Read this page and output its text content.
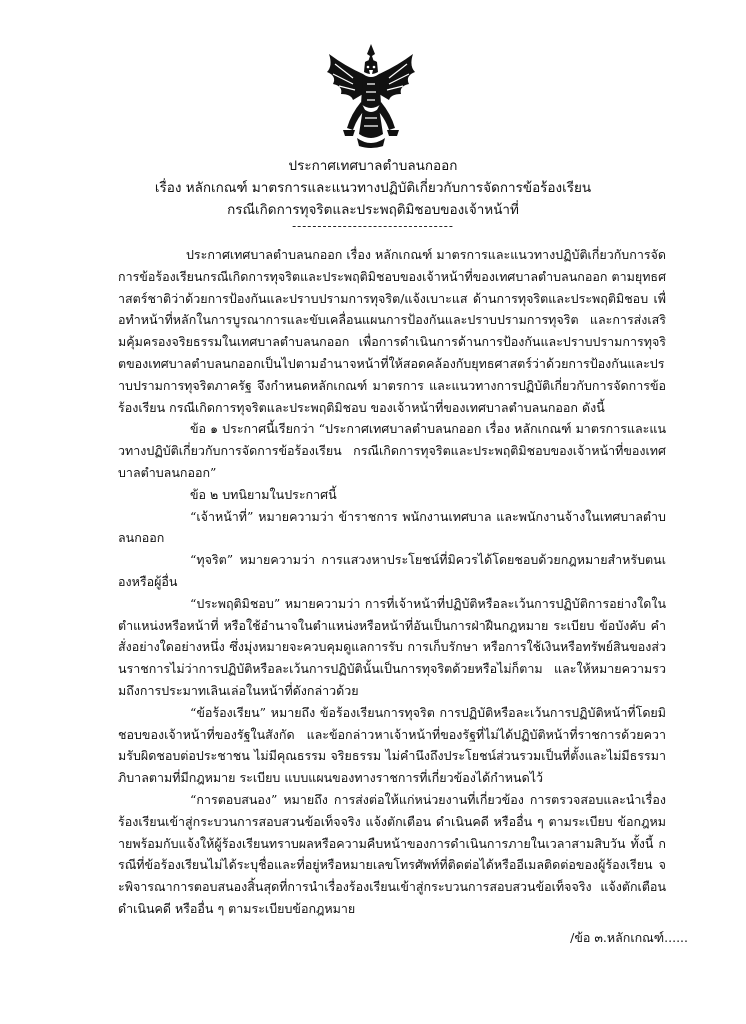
ประกาศเทศบาลตำบลนกออก
เรื่อง หลักเกณฑ์ มาตรการและแนวทางปฏิบัติเกี่ยวกับการจัดการข้อร้องเรียน
กรณีเกิดการทุจริตและประพฤติมิชอบของเจ้าหน้าที่
--------------------------------

ประกาศเทศบาลตำบลนกออก เรื่อง หลักเกณฑ์ มาตรการและแนวทางปฏิบัติเกี่ยวกับการจัดการข้อร้องเรียนกรณีเกิดการทุจริตและประพฤติมิชอบของเจ้าหน้าที่ของเทศบาลตำบลนกออก ตามยุทธศาสตร์ชาติว่าด้วยการป้องกันและปราบปรามการทุจริต/แจ้งเบาะแส ด้านการทุจริตและประพฤติมิชอบ เพื่อทำหน้าที่หลักในการบูรณาการและขับเคลื่อนแผนการป้องกันและปราบปรามการทุจริต และการส่งเสริมคุ้มครองจริยธรรมในเทศบาลตำบลนกออก เพื่อการดำเนินการด้านการป้องกันและปราบปรามการทุจริตของเทศบาลตำบลนกออกเป็นไปตามอำนาจหน้าที่ให้สอดคล้องกับยุทธศาสตร์ว่าด้วยการป้องกันและปราบปรามการทุจริตภาครัฐ จึงกำหนดหลักเกณฑ์ มาตรการ และแนวทางการปฏิบัติเกี่ยวกับการจัดการข้อร้องเรียน กรณีเกิดการทุจริตและประพฤติมิชอบ ของเจ้าหน้าที่ของเทศบาลตำบลนกออก ดังนี้

ข้อ ๑ ประกาศนี้เรียกว่า “ประกาศเทศบาลตำบลนกออก เรื่อง หลักเกณฑ์ มาตรการและแนวทางปฏิบัติเกี่ยวกับการจัดการข้อร้องเรียน กรณีเกิดการทุจริตและประพฤติมิชอบของเจ้าหน้าที่ของเทศบาลตำบลนกออก”

ข้อ ๒ บทนิยามในประกาศนี้

“เจ้าหน้าที่” หมายความว่า ข้าราชการ พนักงานเทศบาล และพนักงานจ้างในเทศบาลตำบลนกออก

“ทุจริต” หมายความว่า การแสวงหาประโยชน์ที่มิควรได้โดยชอบด้วยกฎหมายสำหรับตนเองหรือผู้อื่น

“ประพฤติมิชอบ” หมายความว่า การที่เจ้าหน้าที่ปฏิบัติหรือละเว้นการปฏิบัติการอย่างใดในตำแหน่งหรือหน้าที่ หรือใช้อำนาจในตำแหน่งหรือหน้าที่อันเป็นการฝ่าฝืนกฎหมาย ระเบียบ ข้อบังคับ คำสั่งอย่างใดอย่างหนึ่ง ซึ่งมุ่งหมายจะควบคุมดูแลการรับ การเก็บรักษา หรือการใช้เงินหรือทรัพย์สินของส่วนราชการไม่ว่าการปฏิบัติหรือละเว้นการปฏิบัตินั้นเป็นการทุจริตด้วยหรือไม่ก็ตาม และให้หมายความรวมถึงการประมาทเลินเล่อในหน้าที่ดังกล่าวด้วย

“ข้อร้องเรียน” หมายถึง ข้อร้องเรียนการทุจริต การปฏิบัติหรือละเว้นการปฏิบัติหน้าที่โดยมิชอบของเจ้าหน้าที่ของรัฐในสังกัด และข้อกล่าวหาเจ้าหน้าที่ของรัฐที่ไม่ได้ปฏิบัติหน้าที่ราชการด้วยความรับผิดชอบต่อประชาชน ไม่มีคุณธรรม จริยธรรม ไม่คำนึงถึงประโยชน์ส่วนรวมเป็นที่ตั้งและไม่มีธรรมาภิบาลตามที่มีกฎหมาย ระเบียบ แบบแผนของทางราชการที่เกี่ยวข้องได้กำหนดไว้

“การตอบสนอง” หมายถึง การส่งต่อให้แก่หน่วยงานที่เกี่ยวข้อง การตรวจสอบและนำเรื่องร้องเรียนเข้าสู่กระบวนการสอบสวนข้อเท็จจริง แจ้งตักเตือน ดำเนินคดี หรืออื่น ๆ ตามระเบียบ ข้อกฎหมายพร้อมกับแจ้งให้ผู้ร้องเรียนทราบผลหรือความคืบหน้าของการดำเนินการภายในเวลาสามสิบวัน ทั้งนี้ กรณีที่ข้อร้องเรียนไม่ได้ระบุชื่อและที่อยู่หรือหมายเลขโทรศัพท์ที่ติดต่อได้หรืออีเมลติดต่อของผู้ร้องเรียน จะพิจารณาการตอบสนองสิ้นสุดที่การนำเรื่องร้องเรียนเข้าสู่กระบวนการสอบสวนข้อเท็จจริง แจ้งตักเตือนดำเนินคดี หรืออื่น ๆ ตามระเบียบข้อกฎหมาย

/ข้อ ๓.หลักเกณฑ์......
